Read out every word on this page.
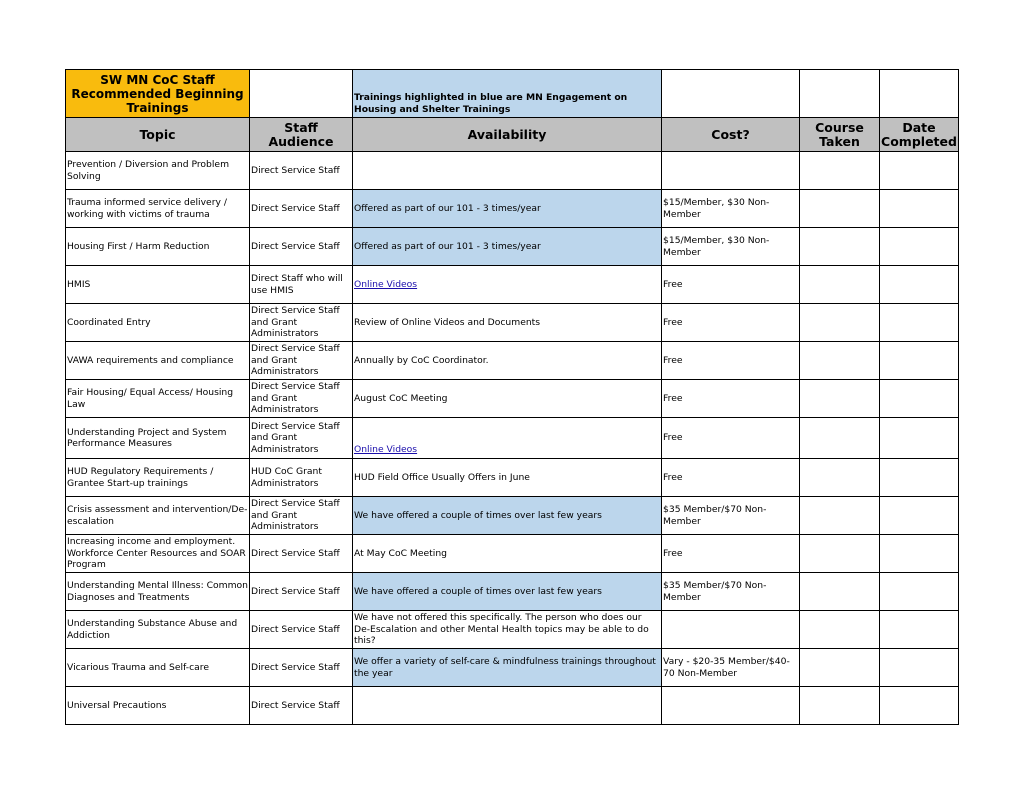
SW MN CoC Staff Recommended Beginning Trainings		Trainings highlighted in blue are MN Engagement on Housing and Shelter Trainings			
Topic	Staff Audience	Availability	Cost?	Course Taken	Date Completed
Prevention / Diversion and Problem Solving	Direct Service Staff				
Trauma informed service delivery / working with victims of trauma	Direct Service Staff	Offered as part of our 101 - 3 times/year	$15/Member, $30 Non-Member		
Housing First / Harm Reduction	Direct Service Staff	Offered as part of our 101 - 3 times/year	$15/Member, $30 Non-Member		
HMIS	Direct Staff who will use HMIS	Online Videos	Free		
Coordinated Entry	Direct Service Staff and Grant Administrators	Review of Online Videos and Documents	Free		
VAWA requirements and compliance	Direct Service Staff and Grant Administrators	Annually by CoC Coordinator.	Free		
Fair Housing/ Equal Access/ Housing Law	Direct Service Staff and Grant Administrators	August CoC Meeting	Free		
Understanding Project and System Performance Measures	Direct Service Staff and Grant Administrators	Online Videos	Free		
HUD Regulatory Requirements / Grantee Start-up trainings	HUD CoC Grant Administrators	HUD Field Office Usually Offers in June	Free		
Crisis assessment and intervention/De-escalation	Direct Service Staff and Grant Administrators	We have offered a couple of times over last few years	$35 Member/$70 Non-Member		
Increasing income and employment. Workforce Center Resources and SOAR Program	Direct Service Staff	At May CoC Meeting	Free		
Understanding Mental Illness: Common Diagnoses and Treatments	Direct Service Staff	We have offered a couple of times over last few years	$35 Member/$70 Non-Member		
Understanding Substance Abuse and Addiction	Direct Service Staff	We have not offered this specifically. The person who does our De-Escalation and other Mental Health topics may be able to do this?			
Vicarious Trauma and Self-care	Direct Service Staff	We offer a variety of self-care & mindfulness trainings throughout the year	Vary - $20-35 Member/$40-70 Non-Member		
Universal Precautions	Direct Service Staff				
